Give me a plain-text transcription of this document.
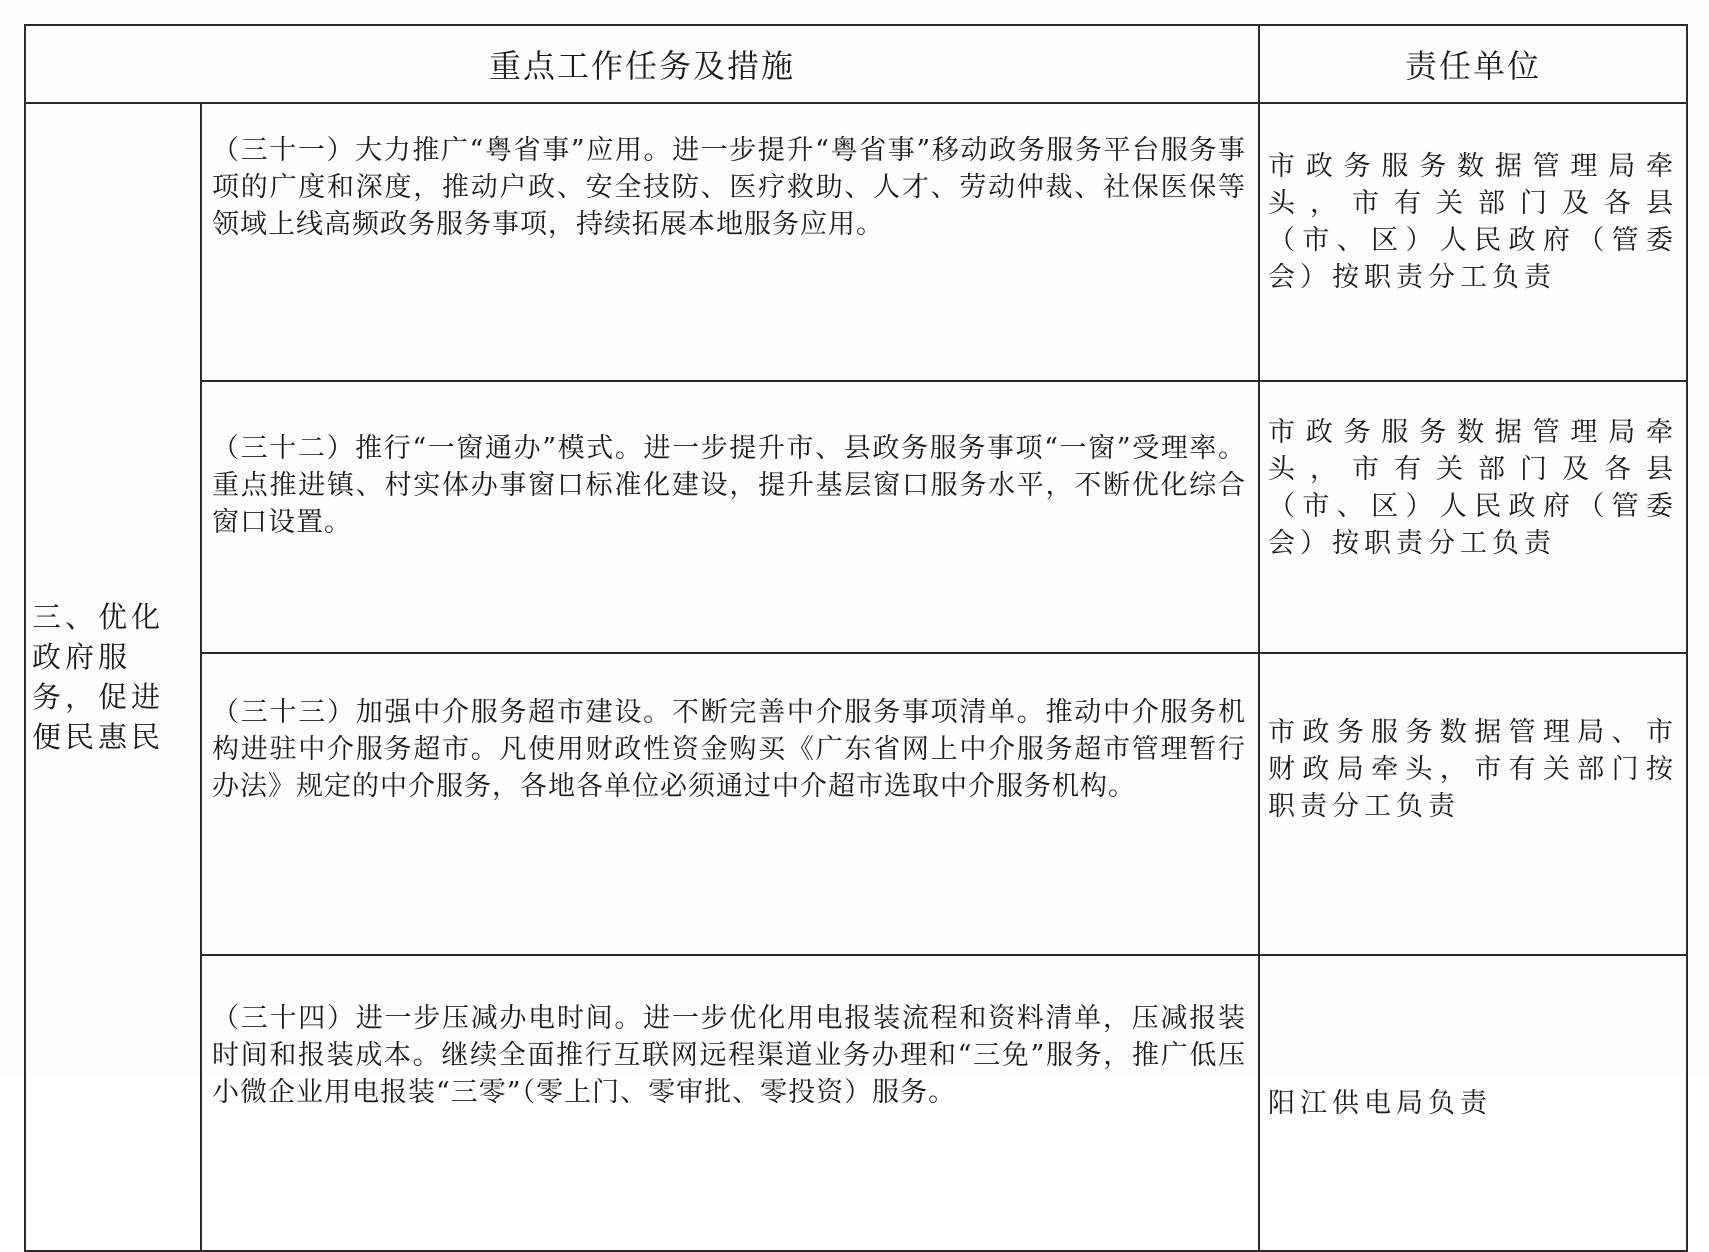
重点工作任务及措施		责任单位
三、优化政府服务，促进便民惠民	（三十一）大力推广“粤省事”应用。进一步提升“粤省事”移动政务服务平台服务事项的广度和深度，推动户政、安全技防、医疗救助、人才、劳动仲裁、社保医保等领域上线高频政务服务事项，持续拓展本地服务应用。	市政务服务数据管理局牵头，市有关部门及各县（市、区）人民政府（管委会）按职责分工负责
	（三十二）推行“一窗通办”模式。进一步提升市、县政务服务事项“一窗”受理率。重点推进镇、村实体办事窗口标准化建设，提升基层窗口服务水平，不断优化综合窗口设置。	市政务服务数据管理局牵头，市有关部门及各县（市、区）人民政府（管委会）按职责分工负责
	（三十三）加强中介服务超市建设。不断完善中介服务事项清单。推动中介服务机构进驻中介服务超市。凡使用财政性资金购买《广东省网上中介服务超市管理暂行办法》规定的中介服务，各地各单位必须通过中介超市选取中介服务机构。	市政务服务数据管理局、市财政局牵头，市有关部门按职责分工负责
	（三十四）进一步压减办电时间。进一步优化用电报装流程和资料清单，压减报装时间和报装成本。继续全面推行互联网远程渠道业务办理和“三免”服务，推广低压小微企业用电报装“三零”（零上门、零审批、零投资）服务。	阳江供电局负责
